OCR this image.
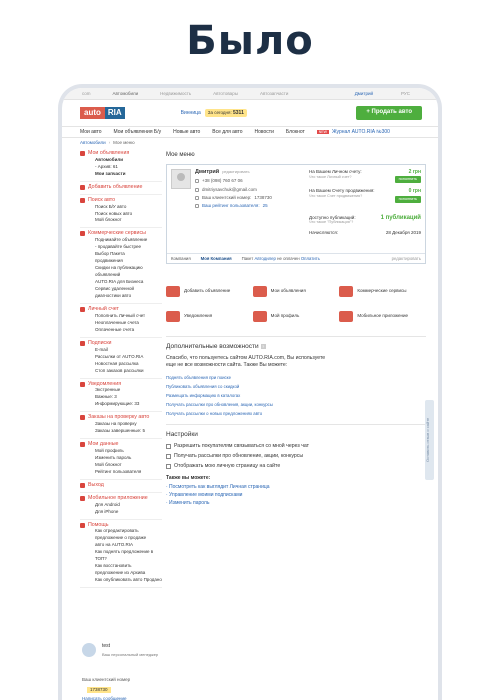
Было
com	Автомобили	Недвижимость	Автотовары	Автозапчасти	Дмитрий	РУС
auto RIA	Винница	За сегодня: 5311	+ Продать авто
Мои авто Мои объявления Б/у Новые авто Все для авто Новости Блокнот	NEW	Журнал AUTO.RIA №300
Автомобили › Мое меню
Мои объявления
Автомобили
- Архив: 61
Мои запчасти
Добавить объявление
Поиск авто
Поиск Б/У авто
Поиск новых авто
Мой блокнот
Коммерческие сервисы
Поднимайте объявление
- продавайте быстрее
Выбор Пакета
продвижения
Скидки на публикацию
объявлений
AUTO.RIA для Бизнеса
Сервис удаленной
диагностики авто
Личный счет
Пополнить Личный счет
Неоплаченные счета
Оплаченные счета
Подписки
E-mail
Рассылки от AUTO.RIA
Новостная рассылка
Стоп заказов рассылки
Уведомления
Экстренные
Важные: 3
Информирующие: 33
Заказы на проверку авто
Заказы на проверку
Заказы завершенные: 5
Мои данные
Мой профиль
Изменить пароль
Мой блокнот
Рейтинг пользователя
Выход
Мобильное приложение
Для Android
Для iPhone
Помощь
Как отредактировать
предложение о продаже
авто на AUTO.RIA
Как поднять предложение в
ТОП?
Как восстановить
предложение из Архива
Как опубликовать авто Продано
Мое меню
Дмитрий редактировать
+38 (098) 760 67 06
dmitriysavchuk@gmail.com
Ваш клиентский номер: 1738730
Ваш рейтинг пользователя: 25
На Вашем Личном счету:
Что такое Личный счет?
2 грн
пополнить
На Вашем Счету продвижения:
Что такое Счет продвижения?
0 грн
пополнить
Доступно публикаций:
Что такое "Публикация"?
1 публикаций
Начисляются:	28 Декабря 2019
Компания Моя Компания Пакет Автодилер не оплачен Оплатить	редактировать
Добавить объявление	Мои объявления	Коммерческие сервисы
Уведомления	Мой профиль	Мобильное приложение
Дополнительные возможности ?
Спасибо, что пользуетесь сайтом AUTO.RIA.com, Вы используете еще не все возможности сайта. Также Вы можете:
Поднять объявления при поиске
Публиковать объявления со скидкой
Размещать информацию в каталогах
Получать рассылки про обновления, акции, конкурсы
Получать рассылки о новых предложениях авто
Настройки
Разрешить покупателям связываться со мной через чат
Получать рассылки про обновление, акции, конкурсы
Отображать мою личную страницу на сайте
Также вы можете:
· Посмотреть как выглядит Личная страница
· Управление моими подписками
· Изменить пароль
Оставить отзыв о сайте
test
Ваш персональный менеджер
Ваш клиентский номер
1738730
Написать сообщение
